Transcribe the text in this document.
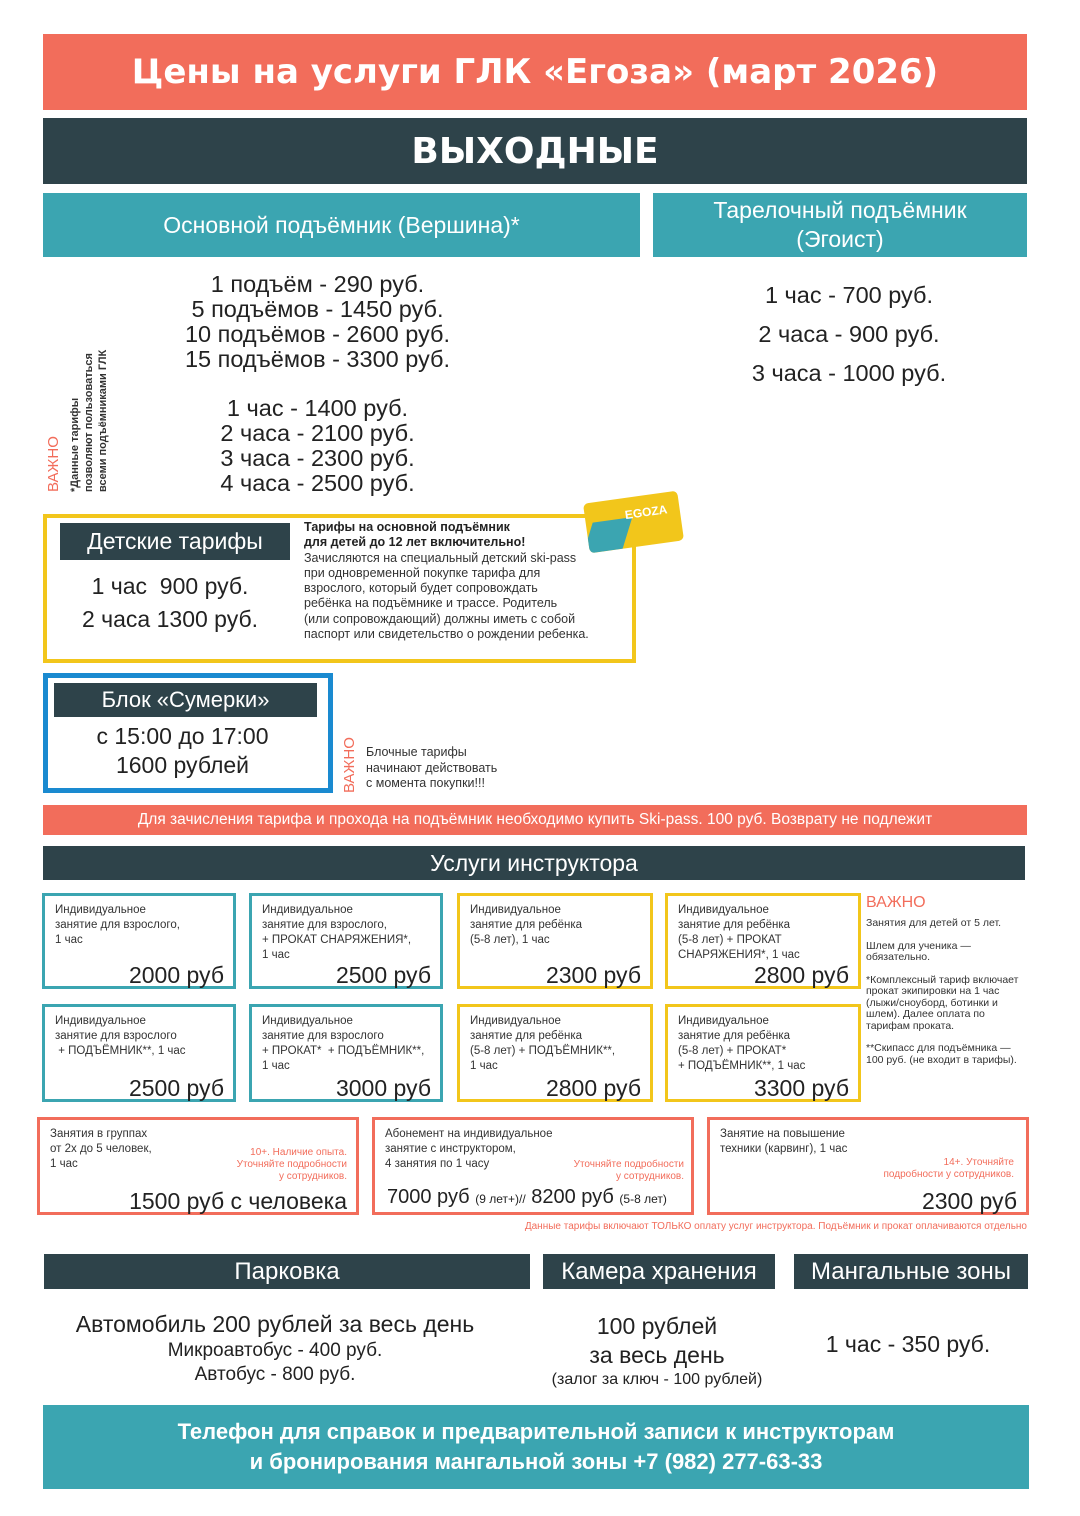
Цены на услуги ГЛК «Егоза» (март 2026)
ВЫХОДНЫЕ
Основной подъёмник (Вершина)*
1 подъём - 290 руб.
5 подъёмов - 1450 руб.
10 подъёмов - 2600 руб.
15 подъёмов - 3300 руб.
1 час - 1400 руб.
2 часа - 2100 руб.
3 часа - 2300 руб.
4 часа - 2500 руб.
ВАЖНО *Данные тарифы позволяют пользоваться всеми подъёмниками ГЛК
Тарелочный подъёмник
(Эгоист)
1 час - 700 руб.
2 часа - 900 руб.
3 часа - 1000 руб.
Детские тарифы
1 час  900 руб.
2 часа 1300 руб.
Тарифы на основной подъёмник
для детей до 12 лет включительно!
Зачисляются на специальный детский ski-pass
при одновременной покупке тарифа для
взрослого, который будет сопровождать
ребёнка на подъёмнике и трассе. Родитель
(или сопровождающий) должны иметь с собой
паспорт или свидетельство о рождении ребенка.
EGOZA
Блок «Сумерки»
с 15:00 до 17:00
1600 рублей	ВАЖНО Блочные тарифы
начинают действовать
с момента покупки!!!
Для зачисления тарифа и прохода на подъёмник необходимо купить Ski-pass. 100 руб. Возврату не подлежит
Услуги инструктора
Индивидуальное
занятие для взрослого,
1 час
2000 руб
Индивидуальное
занятие для взрослого,
+ ПРОКАТ СНАРЯЖЕНИЯ*,
1 час
2500 руб
Индивидуальное
занятие для ребёнка
(5-8 лет), 1 час
2300 руб
Индивидуальное
занятие для ребёнка
(5-8 лет) + ПРОКАТ
СНАРЯЖЕНИЯ*, 1 час
2800 руб
Индивидуальное
занятие для взрослого
+ ПОДЪЁМНИК**, 1 час
2500 руб
Индивидуальное
занятие для взрослого
+ ПРОКАТ*  + ПОДЪЁМНИК**,
1 час
3000 руб
Индивидуальное
занятие для ребёнка
(5-8 лет) + ПОДЪЁМНИК**,
1 час
2800 руб
Индивидуальное
занятие для ребёнка
(5-8 лет) + ПРОКАТ*
+ ПОДЪЁМНИК**, 1 час
3300 руб
ВАЖНО
Занятия для детей от 5 лет.
Шлем для ученика — обязательно.
*Комплексный тариф включает прокат экипировки на 1 час (лыжи/сноуборд, ботинки и шлем). Далее оплата по тарифам проката.
**Скипасс для подъёмника — 100 руб. (не входит в тарифы).
Занятия в группах
от 2х до 5 человек,
1 час
10+. Наличие опыта.
Уточняйте подробности
у сотрудников.
1500 руб с человека
Абонемент на индивидуальное
занятие с инструктором,
4 занятия по 1 часу	Уточняйте подробности
у сотрудников.
7000 руб (9 лет+)// 8200 руб (5-8 лет)
Занятие на повышение
техники (карвинг), 1 час
14+. Уточняйте
подробности у сотрудников.
2300 руб
Данные тарифы включают ТОЛЬКО оплату услуг инструктора. Подъёмник и прокат оплачиваются отдельно
Парковка	Камера хранения	Мангальные зоны
Автомобиль 200 рублей за весь день
Микроавтобус - 400 руб.
Автобус - 800 руб.
100 рублей
за весь день
(залог за ключ - 100 рублей)
1 час - 350 руб.
Телефон для справок и предварительной записи к инструкторам
и бронирования мангальной зоны +7 (982) 277-63-33
